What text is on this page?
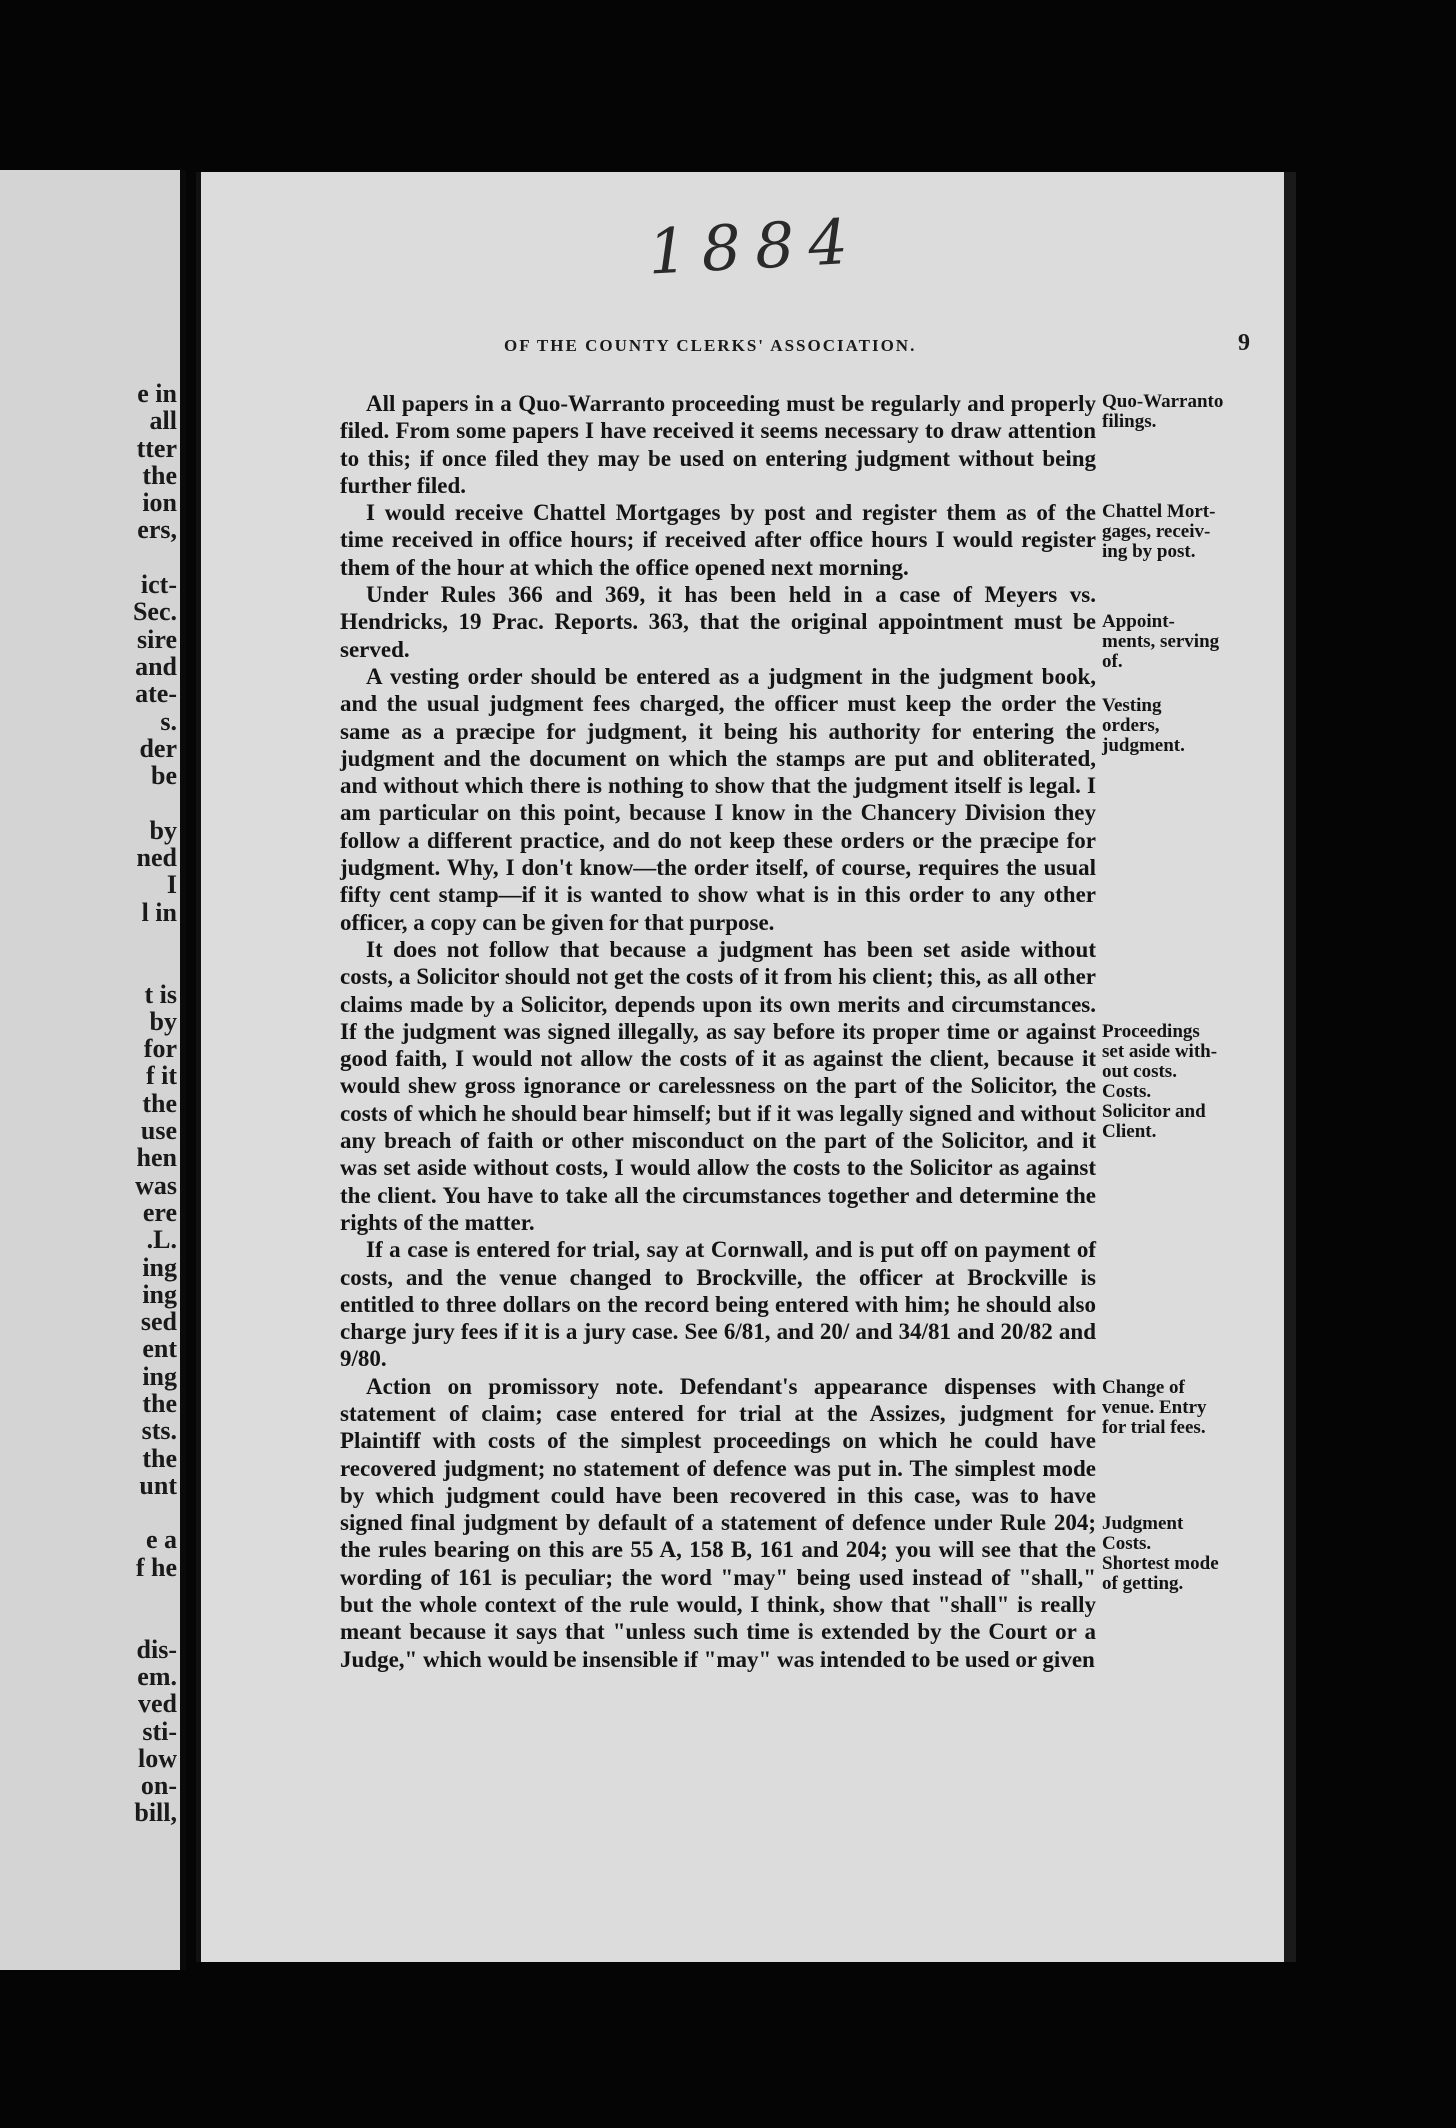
e in
all
tter
the
ion
ers,
ict-
Sec.
sire
and
ate-
s.
der
be
by
ned
I
l in
t is
by
for
f it
the
use
hen
was
ere
.L.
ing
ing
sed
ent
ing
the
sts.
the
unt
e a
f he
dis-
em.
ved
sti-
low
on-
bill,
1884
OF THE COUNTY CLERKS' ASSOCIATION.	9

All papers in a Quo-Warranto proceeding must be regularly and properly filed. From some papers I have received it seems necessary to draw attention to this; if once filed they may be used on entering judgment without being further filed.

I would receive Chattel Mortgages by post and register them as of the time received in office hours; if received after office hours I would register them of the hour at which the office opened next morning.

Under Rules 366 and 369, it has been held in a case of Meyers vs. Hendricks, 19 Prac. Reports. 363, that the original appointment must be served.

A vesting order should be entered as a judgment in the judgment book, and the usual judgment fees charged, the officer must keep the order the same as a præcipe for judgment, it being his authority for entering the judgment and the document on which the stamps are put and obliterated, and without which there is nothing to show that the judgment itself is legal. I am particular on this point, because I know in the Chancery Division they follow a different practice, and do not keep these orders or the præcipe for judgment. Why, I don't know—the order itself, of course, requires the usual fifty cent stamp—if it is wanted to show what is in this order to any other officer, a copy can be given for that purpose.

It does not follow that because a judgment has been set aside without costs, a Solicitor should not get the costs of it from his client; this, as all other claims made by a Solicitor, depends upon its own merits and circumstances. If the judgment was signed illegally, as say before its proper time or against good faith, I would not allow the costs of it as against the client, because it would shew gross ignorance or carelessness on the part of the Solicitor, the costs of which he should bear himself; but if it was legally signed and without any breach of faith or other misconduct on the part of the Solicitor, and it was set aside without costs, I would allow the costs to the Solicitor as against the client. You have to take all the circumstances together and determine the rights of the matter.

If a case is entered for trial, say at Cornwall, and is put off on payment of costs, and the venue changed to Brockville, the officer at Brockville is entitled to three dollars on the record being entered with him; he should also charge jury fees if it is a jury case. See 6/81, and 20/ and 34/81 and 20/82 and 9/80.

Action on promissory note. Defendant's appearance dispenses with statement of claim; case entered for trial at the Assizes, judgment for Plaintiff with costs of the simplest proceedings on which he could have recovered judgment; no statement of defence was put in. The simplest mode by which judgment could have been recovered in this case, was to have signed final judgment by default of a statement of defence under Rule 204; the rules bearing on this are 55 A, 158 B, 161 and 204; you will see that the wording of 161 is peculiar; the word "may" being used instead of "shall," but the whole context of the rule would, I think, show that "shall" is really meant because it says that "unless such time is extended by the Court or a Judge," which would be insensible if "may" was intended to be used or given

Quo-Warranto
filings.
Chattel Mort-
gages, receiv-
ing by post.
Appoint-
ments, serving
of.
Vesting
orders,
judgment.
Proceedings
set aside with-
out costs.
Costs.
Solicitor and
Client.
Change of
venue. Entry
for trial fees.
Judgment
Costs.
Shortest mode
of getting.
